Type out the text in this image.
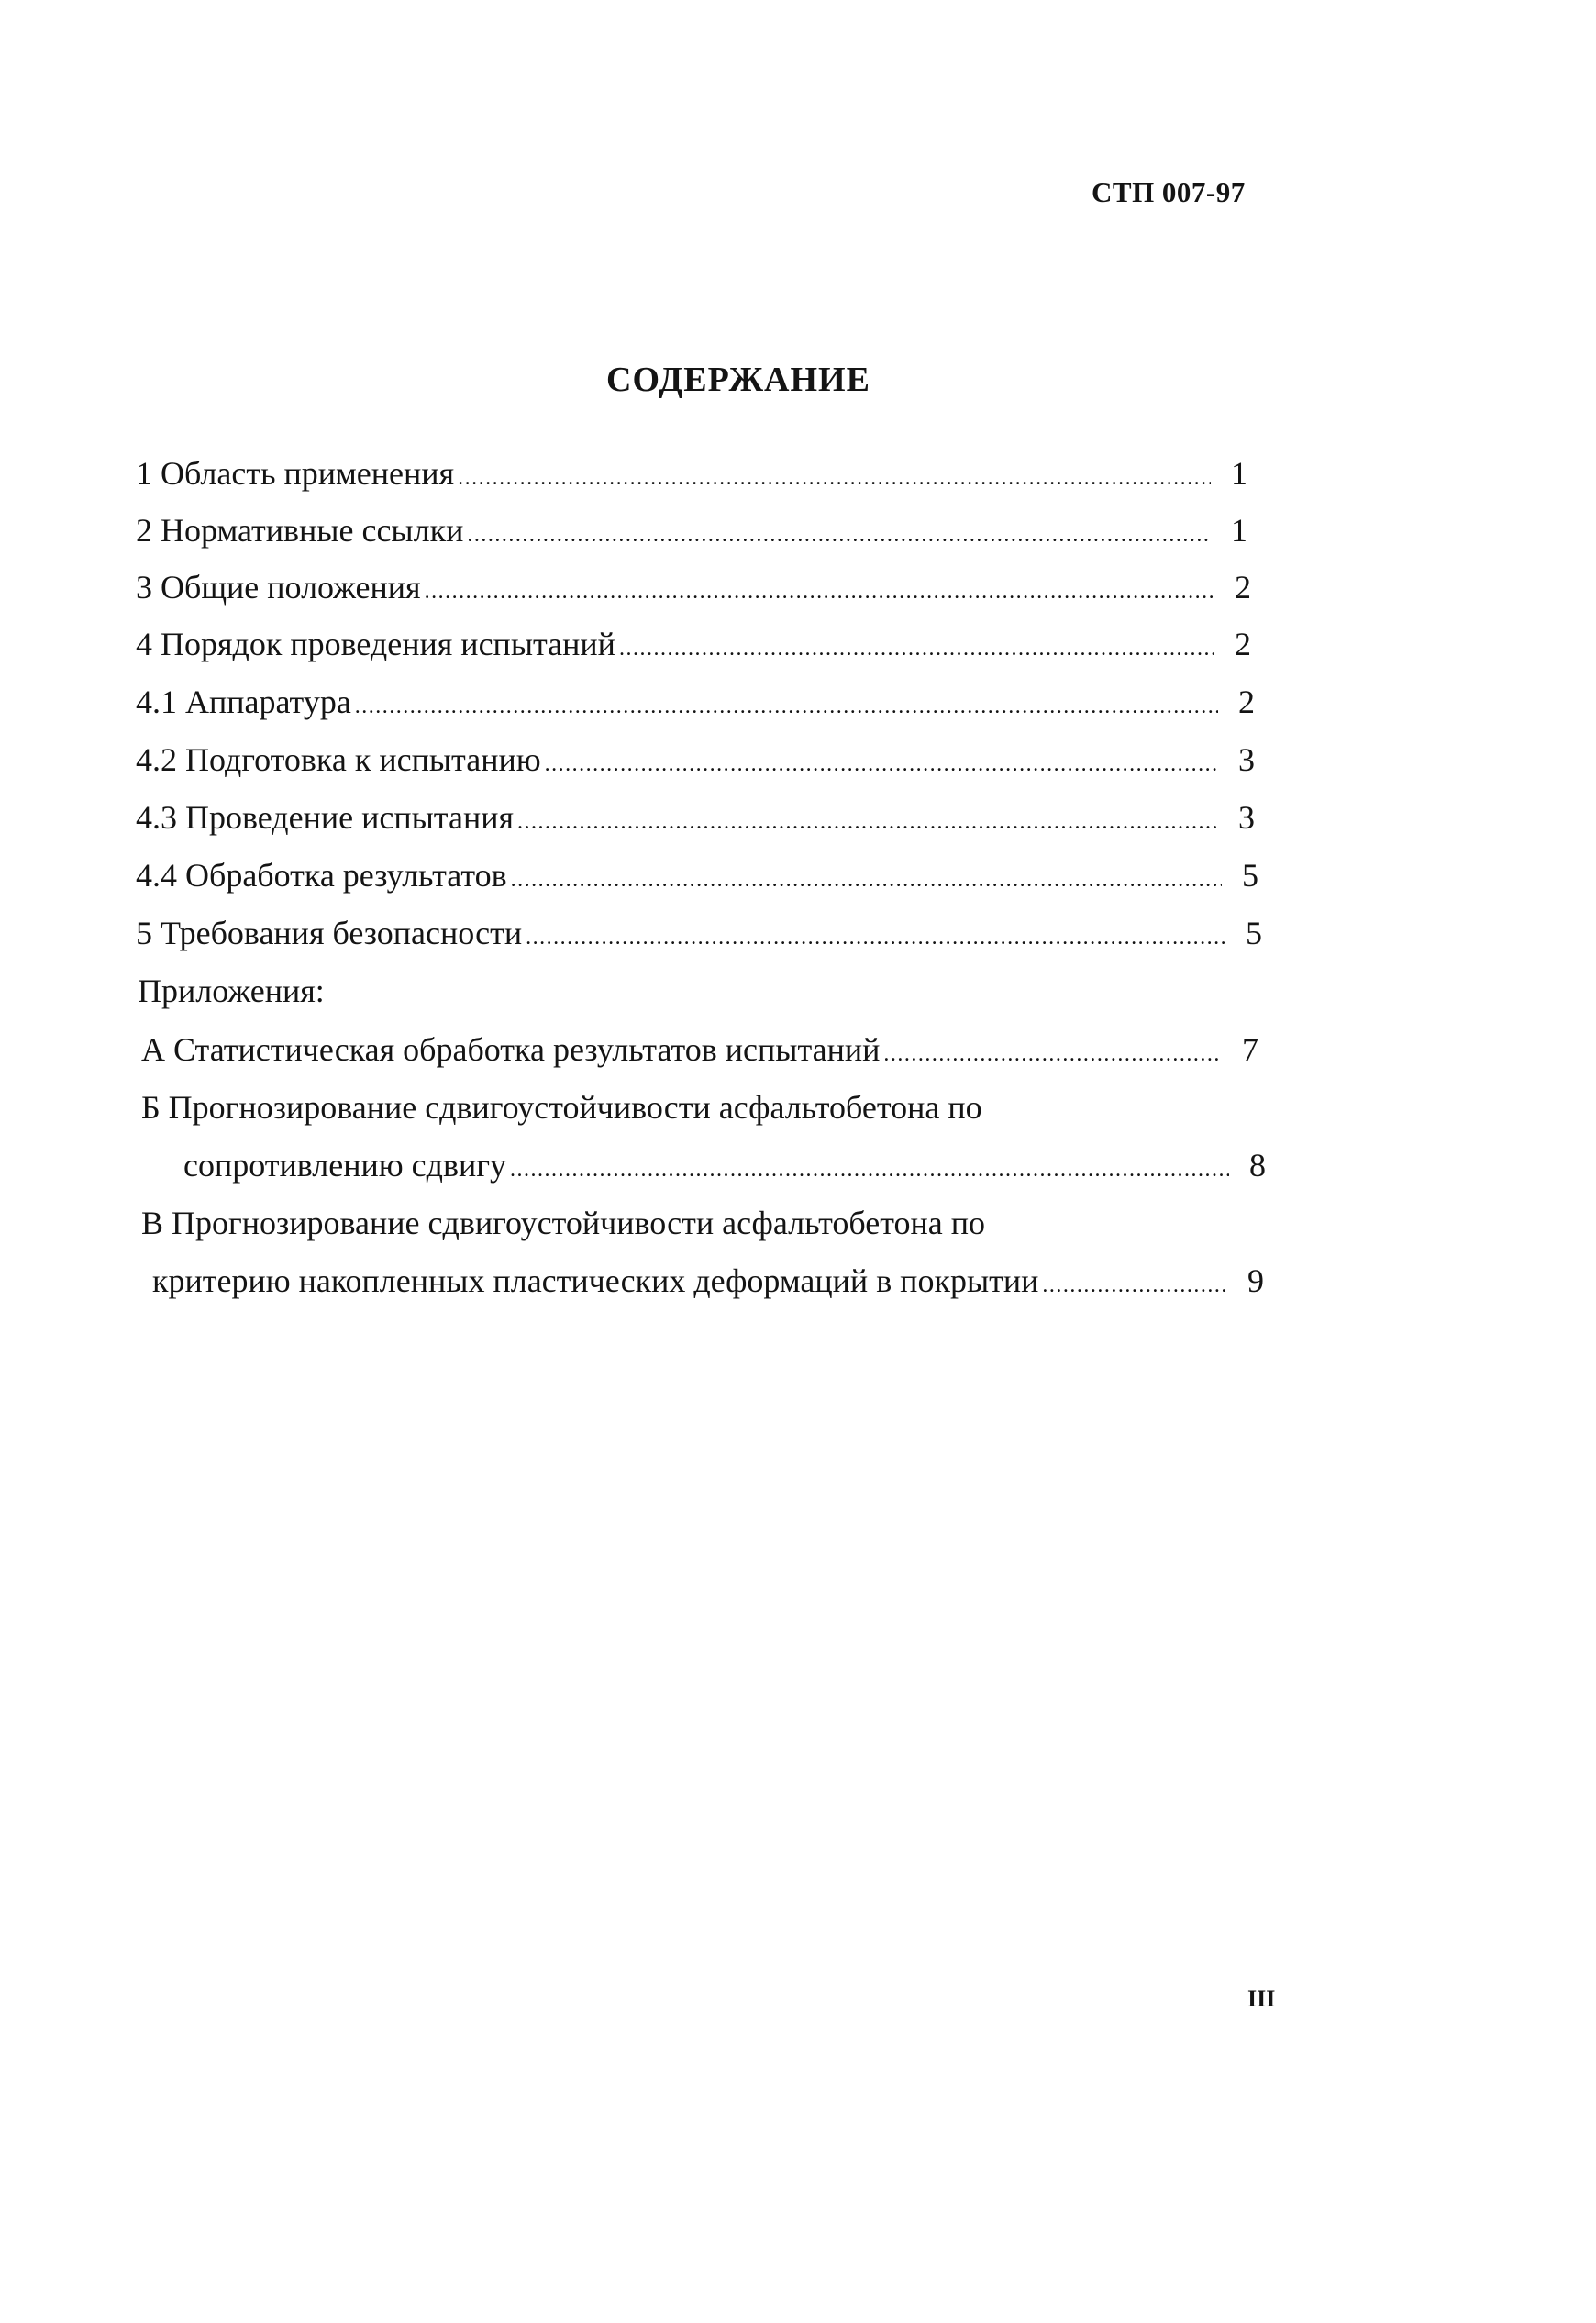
СТП 007-97
СОДЕРЖАНИЕ
1 Область применения .....	1
2 Нормативные ссылки .....	1
3 Общие положения .....	2
4 Порядок проведения испытаний .....	2
4.1 Аппаратура .....	2
4.2 Подготовка к испытанию .....	3
4.3 Проведение испытания .....	3
4.4 Обработка результатов .....	5
5 Требования безопасности .....	5
Приложения:
А Статистическая обработка результатов испытаний .....	7
Б Прогнозирование сдвигоустойчивости асфальтобетона по
сопротивлению сдвигу .....	8
В Прогнозирование сдвигоустойчивости асфальтобетона по
критерию накопленных пластических деформаций в покрытии .....	9
III
